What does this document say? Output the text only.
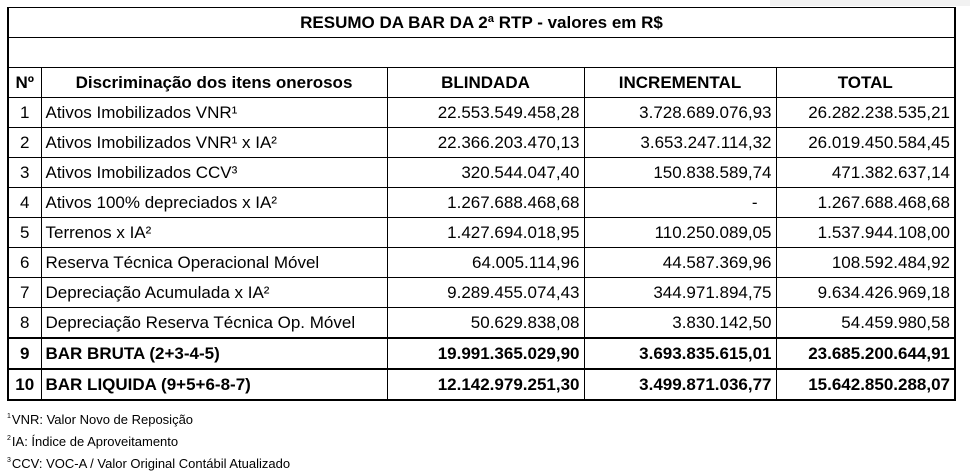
RESUMO DA BAR DA 2ª RTP - valores em R$				

Nº	Discriminação dos itens onerosos	BLINDADA	INCREMENTAL	TOTAL
1	Ativos Imobilizados VNR¹	22.553.549.458,28	3.728.689.076,93	26.282.238.535,21
2	Ativos Imobilizados VNR¹ x IA²	22.366.203.470,13	3.653.247.114,32	26.019.450.584,45
3	Ativos Imobilizados CCV³	320.544.047,40	150.838.589,74	471.382.637,14
4	Ativos 100% depreciados x IA²	1.267.688.468,68	-	1.267.688.468,68
5	Terrenos x IA²	1.427.694.018,95	110.250.089,05	1.537.944.108,00
6	Reserva Técnica Operacional Móvel	64.005.114,96	44.587.369,96	108.592.484,92
7	Depreciação Acumulada x IA²	9.289.455.074,43	344.971.894,75	9.634.426.969,18
8	Depreciação Reserva Técnica Op. Móvel	50.629.838,08	3.830.142,50	54.459.980,58
9	BAR BRUTA (2+3-4-5)	19.991.365.029,90	3.693.835.615,01	23.685.200.644,91
10	BAR LIQUIDA (9+5+6-8-7)	12.142.979.251,30	3.499.871.036,77	15.642.850.288,07
$^1$VNR: Valor Novo de Reposição
$^2$IA: Índice de Aproveitamento
$^3$CCV: VOC-A / Valor Original Contábil Atualizado
